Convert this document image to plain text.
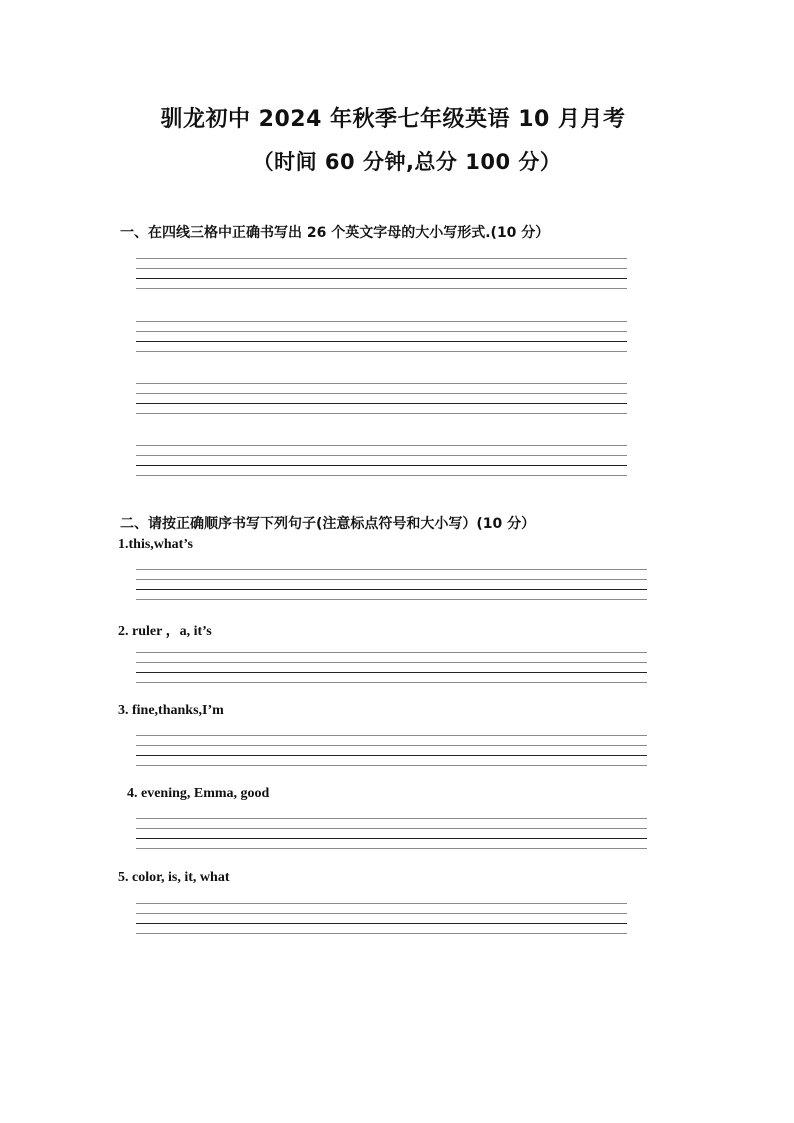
驯龙初中 2024 年秋季七年级英语 10 月月考
（时间 60 分钟,总分 100 分）
一、在四线三格中正确书写出 26 个英文字母的大小写形式.(10 分）
二、请按正确顺序书写下列句子(注意标点符号和大小写）(10 分）
1.this,what’s
2. ruler ，a, it’s
3. fine,thanks,I’m
4. evening, Emma, good
5. color, is, it, what
